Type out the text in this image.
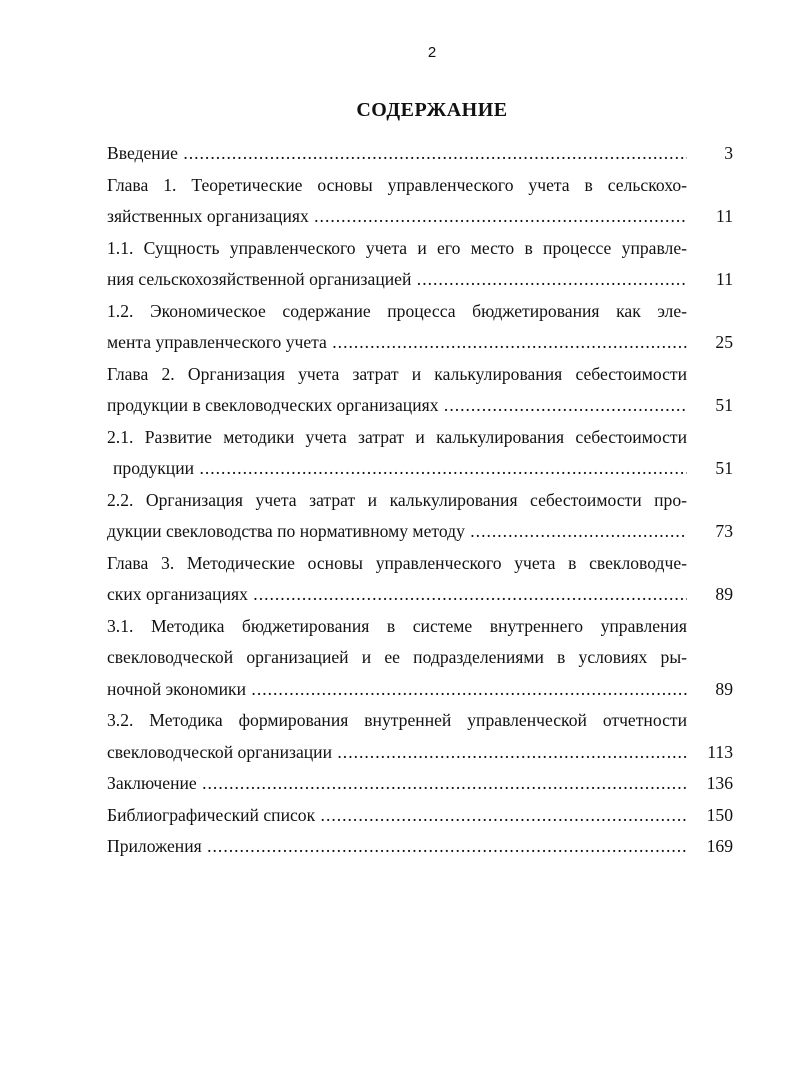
2
СОДЕРЖАНИЕ
Введение .....	3
Глава 1. Теоретические основы управленческого учета в сельскохо-
зяйственных организациях .....	11
1.1. Сущность управленческого учета и его место в процессе управле-
ния сельскохозяйственной организацией .....	11
1.2. Экономическое содержание процесса бюджетирования как эле-
мента управленческого учета .....	25
Глава 2. Организация учета затрат и калькулирования себестоимости
продукции в свекловодческих организациях .....	51
2.1. Развитие методики учета затрат и калькулирования себестоимости
продукции .....	51
2.2. Организация учета затрат и калькулирования себестоимости про-
дукции свекловодства по нормативному методу .....	73
Глава 3. Методические основы управленческого учета в свекловодче-
ских организациях .....	89
3.1. Методика бюджетирования в системе внутреннего управления
свекловодческой организацией и ее подразделениями в условиях ры-
ночной экономики .....	89
3.2. Методика формирования внутренней управленческой отчетности
свекловодческой организации .....	113
Заключение .....	136
Библиографический список .....	150
Приложения .....	169
